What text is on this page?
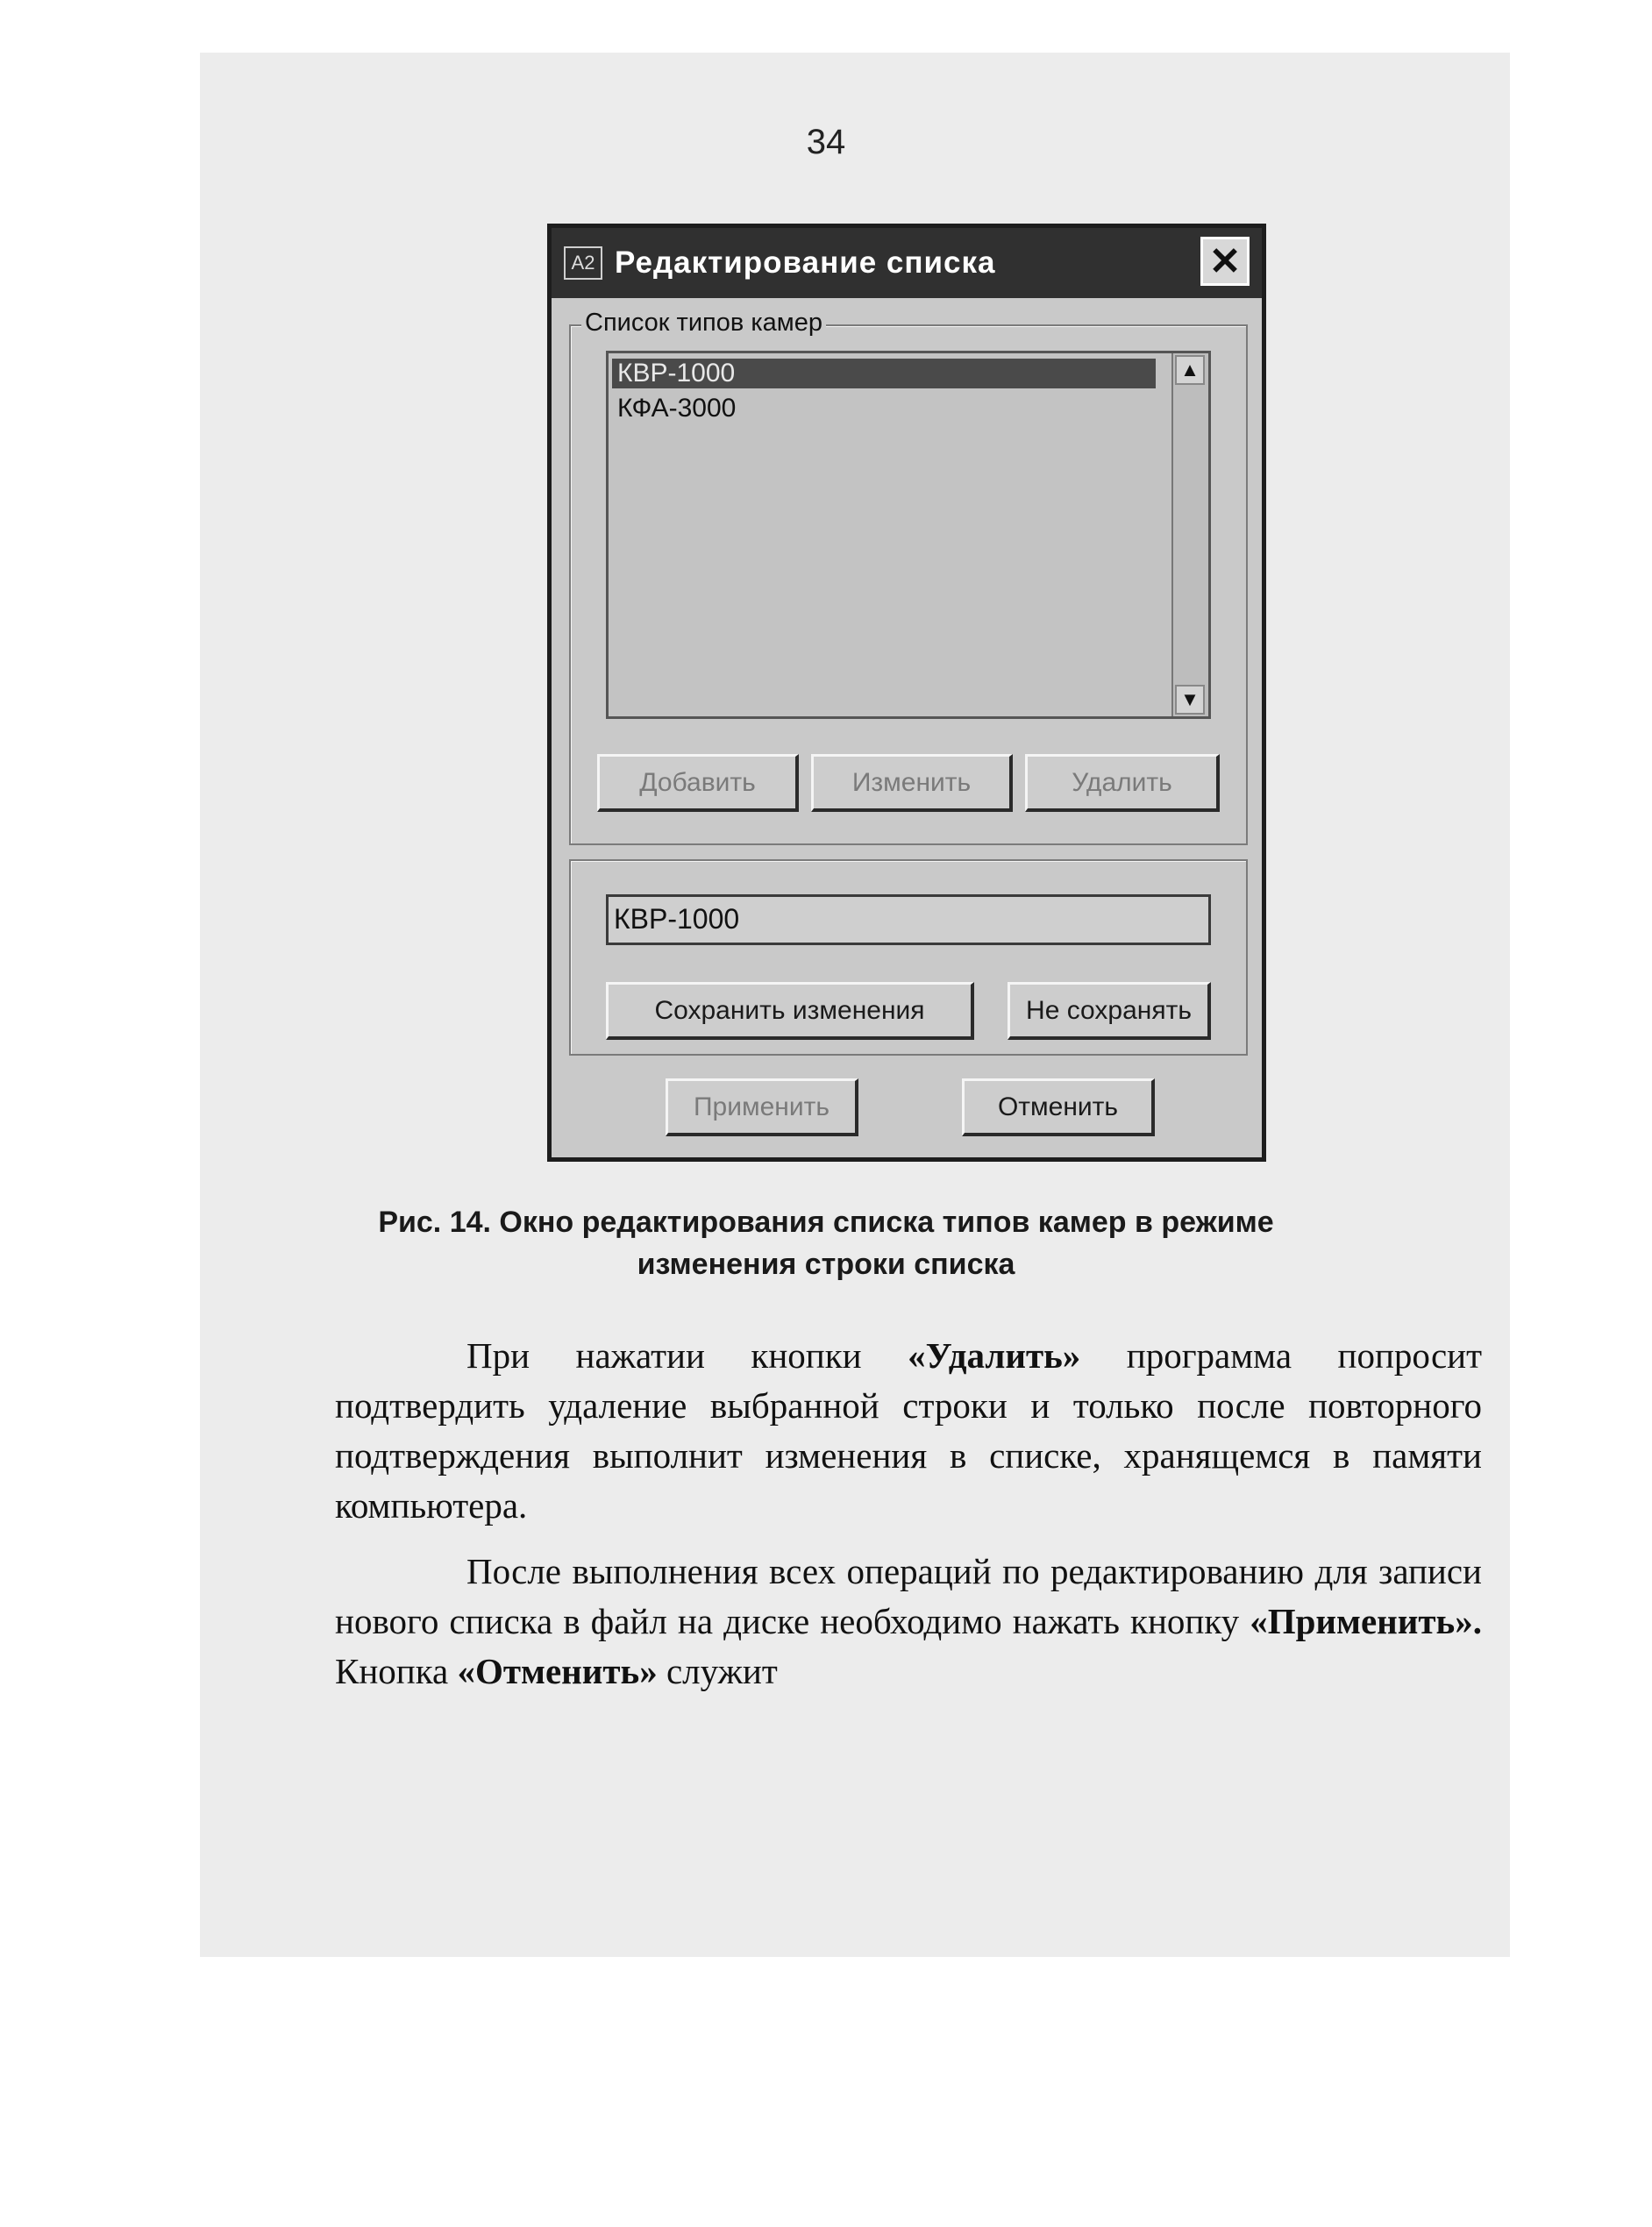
34
A2 Редактирование списка	✕
Список типов камер
КВР-1000
КФА-3000
▲
▼
Добавить	Изменить	Удалить
КВР-1000
Сохранить изменения	Не сохранять
Применить	Отменить
Рис. 14. Окно редактирования списка типов камер в режиме
изменения строки списка

При нажатии кнопки «Удалить» программа попросит подтвердить удаление выбранной строки и только после повторного подтверждения выполнит изменения в списке, хранящемся в памяти компьютера.

После выполнения всех операций по редактированию для записи нового списка в файл на диске необходимо нажать кнопку «Применить». Кнопка «Отменить» служит
